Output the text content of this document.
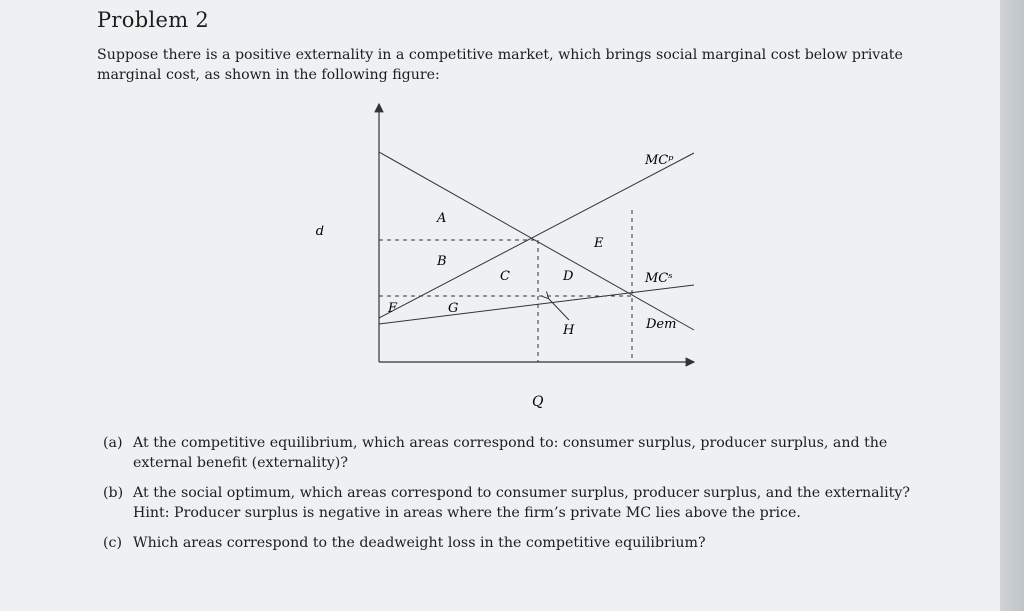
Problem 2

Suppose there is a positive externality in a competitive market, which brings social marginal cost below private marginal cost, as shown in the following figure:

p
Q
MCᵖ
MCˢ
Dem
A
B
C	D
E
F	G
H
(a) At the competitive equilibrium, which areas correspond to: consumer surplus, producer surplus, and the external benefit (externality)?
(b) At the social optimum, which areas correspond to consumer surplus, producer surplus, and the externality?
Hint: Producer surplus is negative in areas where the firm’s private MC lies above the price.
(c) Which areas correspond to the deadweight loss in the competitive equilibrium?
